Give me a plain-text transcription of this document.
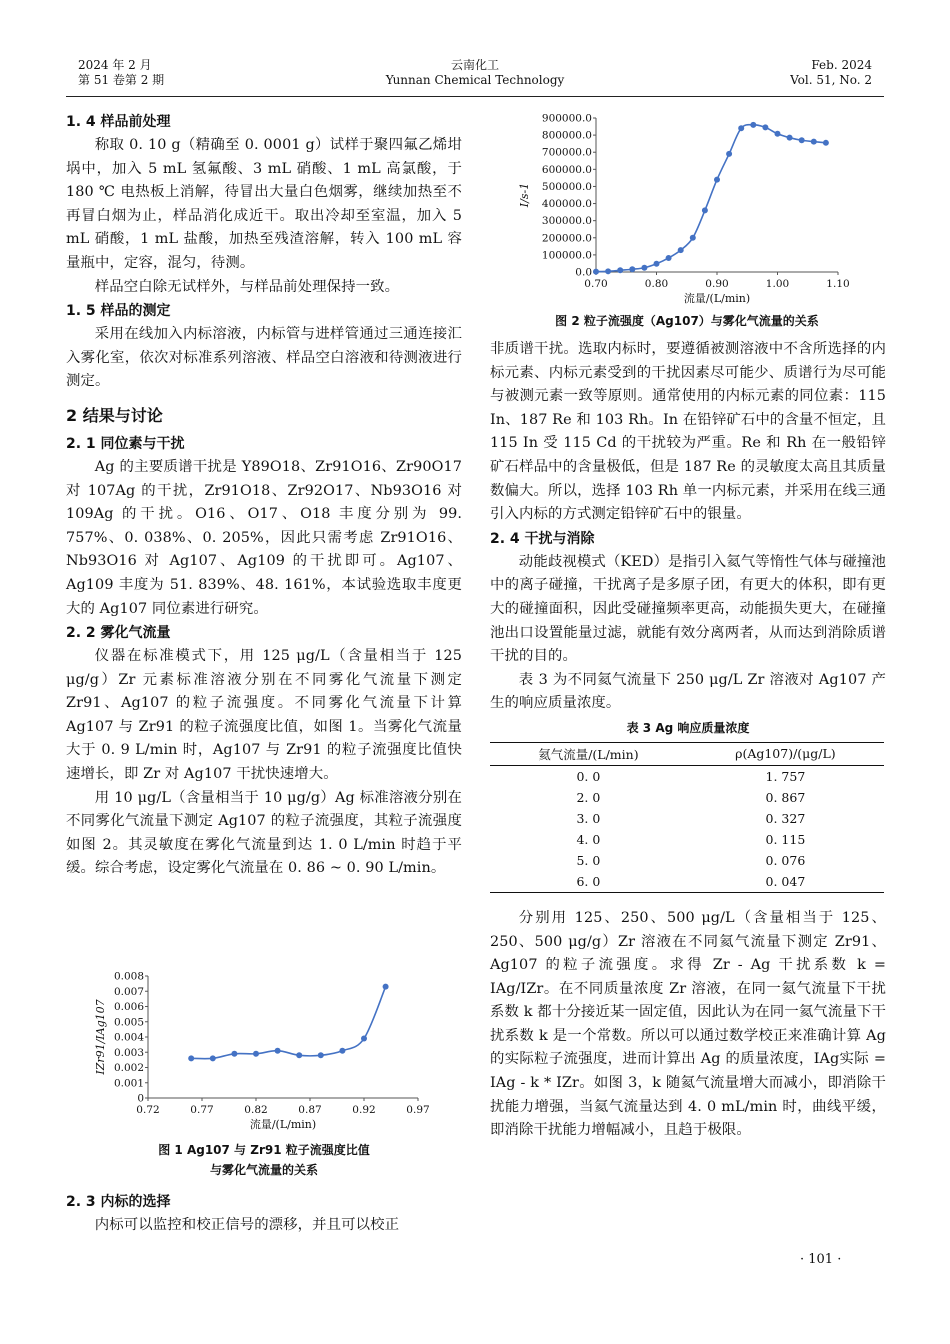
2024 年 2 月
第 51 卷第 2 期
云南化工
Yunnan Chemical Technology
Feb. 2024
Vol. 51, No. 2
1. 4 样品前处理

称取 0. 10 g（精确至 0. 0001 g）试样于聚四氟乙烯坩埚中，加入 5 mL 氢氟酸、3 mL 硝酸、1 mL 高氯酸，于 180 ℃ 电热板上消解，待冒出大量白色烟雾，继续加热至不再冒白烟为止，样品消化成近干。取出冷却至室温，加入 5 mL 硝酸，1 mL 盐酸，加热至残渣溶解，转入 100 mL 容量瓶中，定容，混匀，待测。

样品空白除无试样外，与样品前处理保持一致。

1. 5 样品的测定

采用在线加入内标溶液，内标管与进样管通过三通连接汇入雾化室，依次对标准系列溶液、样品空白溶液和待测液进行测定。

2 结果与讨论
2. 1 同位素与干扰

Ag 的主要质谱干扰是 Y89O18、Zr91O16、Zr90O17 对 107Ag 的干扰，Zr91O18、Zr92O17、Nb93O16 对 109Ag 的干扰。O16、O17、O18 丰度分别为 99. 757%、0. 038%、0. 205%，因此只需考虑 Zr91O16、Nb93O16 对 Ag107、Ag109 的干扰即可。Ag107、Ag109 丰度为 51. 839%、48. 161%，本试验选取丰度更大的 Ag107 同位素进行研究。

2. 2 雾化气流量

仪器在标准模式下，用 125 μg/L（含量相当于 125 μg/g）Zr 元素标准溶液分别在不同雾化气流量下测定 Zr91、Ag107 的粒子流强度。不同雾化气流量下计算 Ag107 与 Zr91 的粒子流强度比值，如图 1。当雾化气流量大于 0. 9 L/min 时，Ag107 与 Zr91 的粒子流强度比值快速增长，即 Zr 对 Ag107 干扰快速增大。

用 10 μg/L（含量相当于 10 μg/g）Ag 标准溶液分别在不同雾化气流量下测定 Ag107 的粒子流强度，其粒子流强度如图 2。其灵敏度在雾化气流量到达 1. 0 L/min 时趋于平缓。综合考虑，设定雾化气流量在 0. 86 ~ 0. 90 L/min。

0
0.001
0.002
0.003
0.004
0.005
0.006
0.007
0.008
0.72	0.77	0.82	0.87	0.92	0.97
流量/(L/min)
IZr91/IAg107
图 1 Ag107 与 Zr91 粒子流强度比值
与雾化气流量的关系
2. 3 内标的选择

内标可以监控和校正信号的漂移，并且可以校正

0.0
100000.0
200000.0
300000.0
400000.0
500000.0
600000.0
700000.0
800000.0
900000.0
0.70	0.80	0.90	1.00	1.10
流量/(L/min)
I/s-1
图 2 粒子流强度（Ag107）与雾化气流量的关系

非质谱干扰。选取内标时，要遵循被测溶液中不含所选择的内标元素、内标元素受到的干扰因素尽可能少、质谱行为尽可能与被测元素一致等原则。通常使用的内标元素的同位素：115 In、187 Re 和 103 Rh。In 在铅锌矿石中的含量不恒定，且 115 In 受 115 Cd 的干扰较为严重。Re 和 Rh 在一般铅锌矿石样品中的含量极低，但是 187 Re 的灵敏度太高且其质量数偏大。所以，选择 103 Rh 单一内标元素，并采用在线三通引入内标的方式测定铅锌矿石中的银量。

2. 4 干扰与消除

动能歧视模式（KED）是指引入氦气等惰性气体与碰撞池中的离子碰撞，干扰离子是多原子团，有更大的体积，即有更大的碰撞面积，因此受碰撞频率更高，动能损失更大，在碰撞池出口设置能量过滤，就能有效分离两者，从而达到消除质谱干扰的目的。

表 3 为不同氦气流量下 250 μg/L Zr 溶液对 Ag107 产生的响应质量浓度。

表 3 Ag 响应质量浓度
氦气流量/(L/min)	ρ(Ag107)/(μg/L)
0. 0	1. 757
2. 0	0. 867
3. 0	0. 327
4. 0	0. 115
5. 0	0. 076
6. 0	0. 047

分别用 125、250、500 μg/L（含量相当于 125、250、500 μg/g）Zr 溶液在不同氦气流量下测定 Zr91、Ag107 的粒子流强度。求得 Zr - Ag 干扰系数 k = IAg/IZr。在不同质量浓度 Zr 溶液，在同一氦气流量下干扰系数 k 都十分接近某一固定值，因此认为在同一氦气流量下干扰系数 k 是一个常数。所以可以通过数学校正来准确计算 Ag 的实际粒子流强度，进而计算出 Ag 的质量浓度，IAg实际 = IAg - k * IZr。如图 3，k 随氦气流量增大而减小，即消除干扰能力增强，当氦气流量达到 4. 0 mL/min 时，曲线平缓，即消除干扰能力增幅减小，且趋于极限。

· 101 ·
